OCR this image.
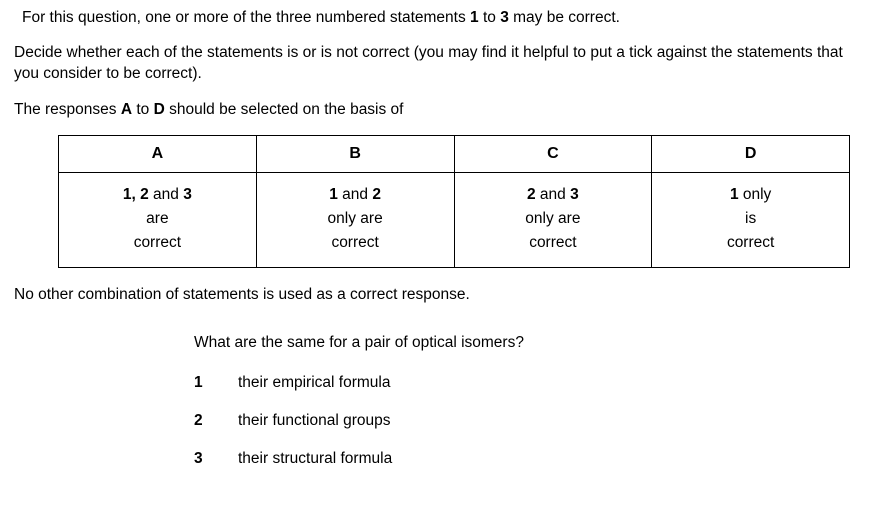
For this question, one or more of the three numbered statements 1 to 3 may be correct.

Decide whether each of the statements is or is not correct (you may find it helpful to put a tick against the statements that you consider to be correct).

The responses A to D should be selected on the basis of

A	B	C	D

1, 2 and 3
are
correct	1 and 2
only are
correct	2 and 3
only are
correct	1 only
is
correct

No other combination of statements is used as a correct response.

What are the same for a pair of optical isomers?

1	their empirical formula
2	their functional groups
3	their structural formula
